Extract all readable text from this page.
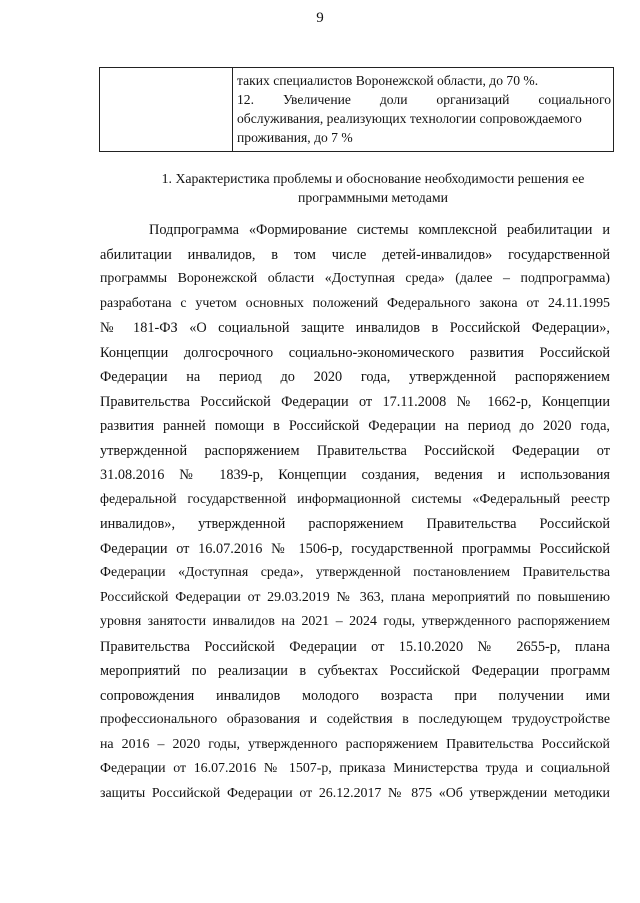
9

таких специалистов Воронежской области, до 70 %.
12. Увеличение доли организаций социального
обслуживания, реализующих технологии сопровождаемого
проживания, до 7 %
1. Характеристика проблемы и обоснование необходимости решения ее
программными методами
Подпрограмма «Формирование системы комплексной реабилитации и
абилитации инвалидов, в том числе детей-инвалидов» государственной
программы Воронежской области «Доступная среда» (далее – подпрограмма)
разработана с учетом основных положений Федерального закона от 24.11.1995
№ 181-ФЗ «О социальной защите инвалидов в Российской Федерации»,
Концепции долгосрочного социально-экономического развития Российской
Федерации на период до 2020 года, утвержденной распоряжением
Правительства Российской Федерации от 17.11.2008 № 1662-р, Концепции
развития ранней помощи в Российской Федерации на период до 2020 года,
утвержденной распоряжением Правительства Российской Федерации от
31.08.2016 № 1839-р, Концепции создания, ведения и использования
федеральной государственной информационной системы «Федеральный реестр
инвалидов», утвержденной распоряжением Правительства Российской
Федерации от 16.07.2016 № 1506-р, государственной программы Российской
Федерации «Доступная среда», утвержденной постановлением Правительства
Российской Федерации от 29.03.2019 № 363, плана мероприятий по повышению
уровня занятости инвалидов на 2021 – 2024 годы, утвержденного распоряжением
Правительства Российской Федерации от 15.10.2020 № 2655-р, плана
мероприятий по реализации в субъектах Российской Федерации программ
сопровождения инвалидов молодого возраста при получении ими
профессионального образования и содействия в последующем трудоустройстве
на 2016 – 2020 годы, утвержденного распоряжением Правительства Российской
Федерации от 16.07.2016 № 1507-р, приказа Министерства труда и социальной
защиты Российской Федерации от 26.12.2017 № 875 «Об утверждении методики
